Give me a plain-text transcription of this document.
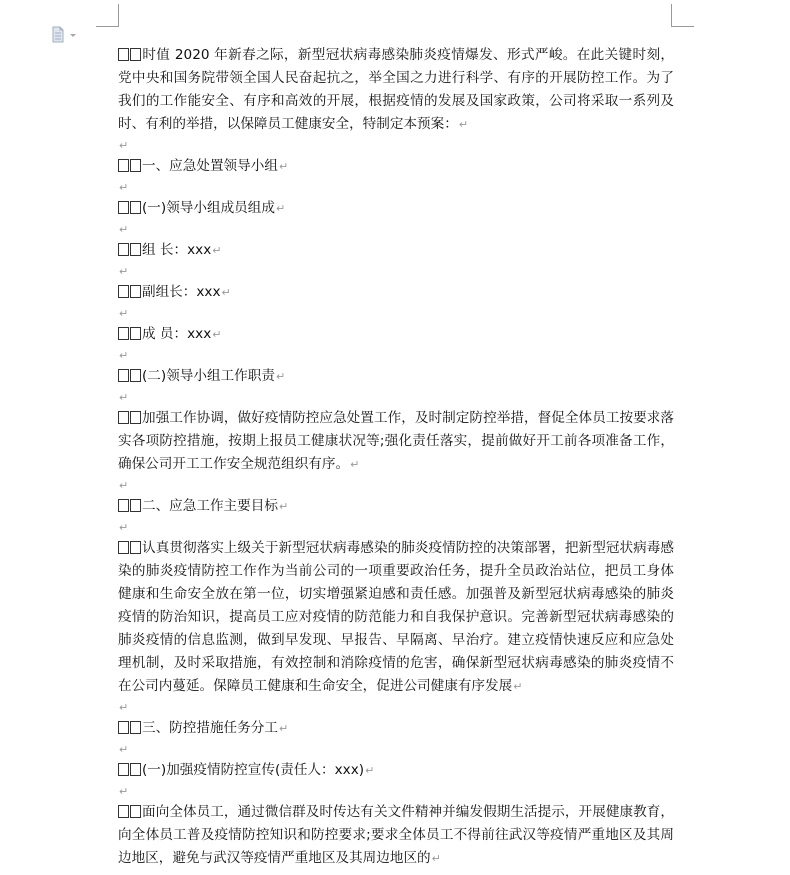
时值 2020 年新春之际，新型冠状病毒感染肺炎疫情爆发、形式严峻。在此关键时刻，党中央和国务院带领全国人民奋起抗之，举全国之力进行科学、有序的开展防控工作。为了我们的工作能安全、有序和高效的开展，根据疫情的发展及国家政策，公司将采取一系列及时、有利的举措，以保障员工健康安全，特制定本预案：↵

↵

一、应急处置领导小组↵

↵

(一)领导小组成员组成↵

↵

组 长：xxx↵

↵

副组长：xxx↵

↵

成 员：xxx↵

↵

(二)领导小组工作职责↵

↵

加强工作协调，做好疫情防控应急处置工作，及时制定防控举措，督促全体员工按要求落实各项防控措施，按期上报员工健康状况等;强化责任落实，提前做好开工前各项准备工作，确保公司开工工作安全规范组织有序。↵

↵

二、应急工作主要目标↵

↵

认真贯彻落实上级关于新型冠状病毒感染的肺炎疫情防控的决策部署，把新型冠状病毒感染的肺炎疫情防控工作作为当前公司的一项重要政治任务，提升全员政治站位，把员工身体健康和生命安全放在第一位，切实增强紧迫感和责任感。加强普及新型冠状病毒感染的肺炎疫情的防治知识，提高员工应对疫情的防范能力和自我保护意识。完善新型冠状病毒感染的肺炎疫情的信息监测，做到早发现、早报告、早隔离、早治疗。建立疫情快速反应和应急处理机制，及时采取措施，有效控制和消除疫情的危害，确保新型冠状病毒感染的肺炎疫情不在公司内蔓延。保障员工健康和生命安全，促进公司健康有序发展↵

↵

三、防控措施任务分工↵

↵

(一)加强疫情防控宣传(责任人：xxx)↵

↵

面向全体员工，通过微信群及时传达有关文件精神并编发假期生活提示，开展健康教育，向全体员工普及疫情防控知识和防控要求;要求全体员工不得前往武汉等疫情严重地区及其周边地区，避免与武汉等疫情严重地区及其周边地区的↵
